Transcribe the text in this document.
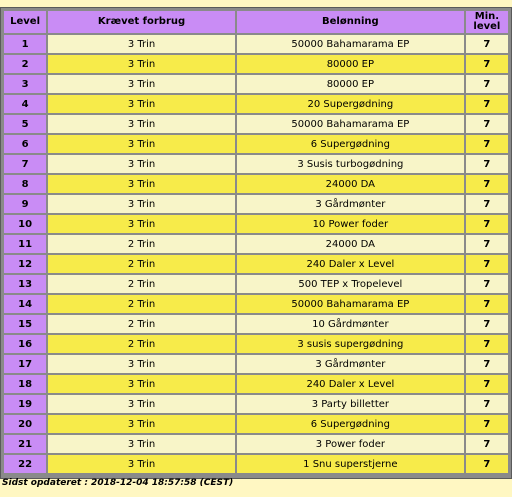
Level	Krævet forbrug	Belønning	Min.
level
1	3 Trin	50000 Bahamarama EP	7
2	3 Trin	80000 EP	7
3	3 Trin	80000 EP	7
4	3 Trin	20 Supergødning	7
5	3 Trin	50000 Bahamarama EP	7
6	3 Trin	6 Supergødning	7
7	3 Trin	3 Susis turbogødning	7
8	3 Trin	24000 DA	7
9	3 Trin	3 Gårdmønter	7
10	3 Trin	10 Power foder	7
11	2 Trin	24000 DA	7
12	2 Trin	240 Daler x Level	7
13	2 Trin	500 TEP x Tropelevel	7
14	2 Trin	50000 Bahamarama EP	7
15	2 Trin	10 Gårdmønter	7
16	2 Trin	3 susis supergødning	7
17	3 Trin	3 Gårdmønter	7
18	3 Trin	240 Daler x Level	7
19	3 Trin	3 Party billetter	7
20	3 Trin	6 Supergødning	7
21	3 Trin	3 Power foder	7
22	3 Trin	1 Snu superstjerne	7
Sidst opdateret : 2018-12-04 18:57:58 (CEST)
